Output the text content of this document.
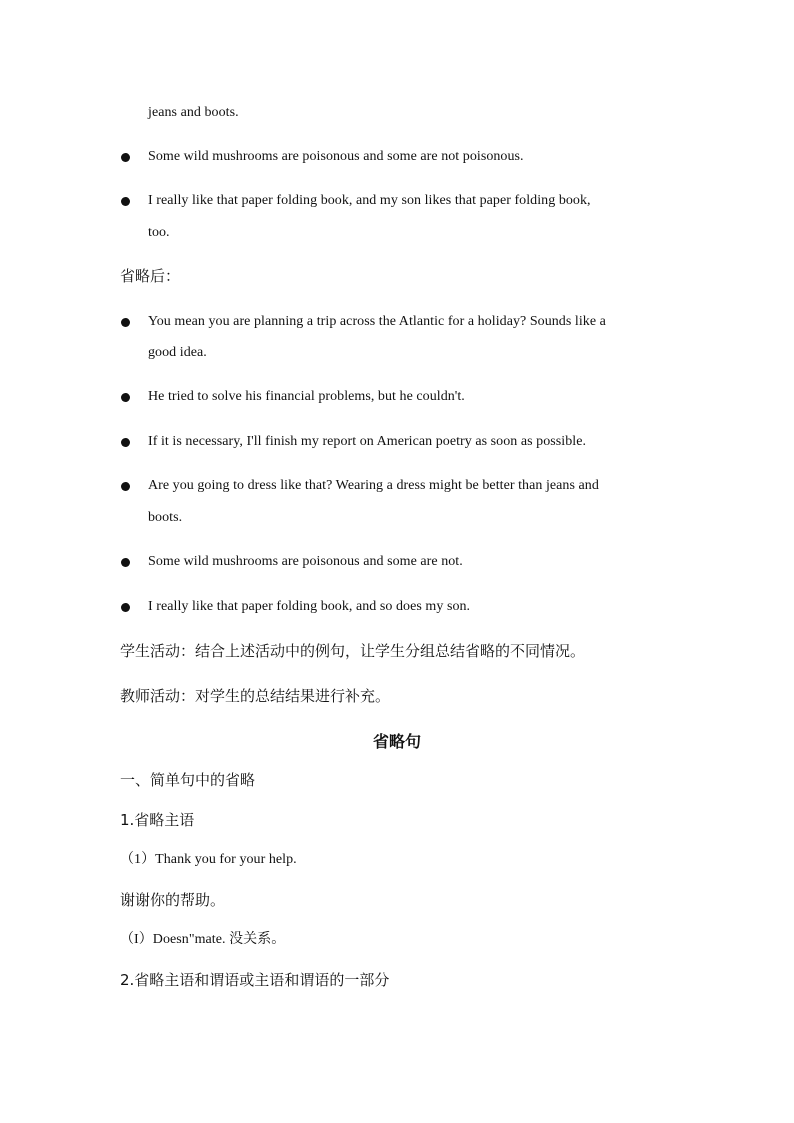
jeans and boots.
Some wild mushrooms are poisonous and some are not poisonous.
I really like that paper folding book, and my son likes that paper folding book,
too.
省略后：
You mean you are planning a trip across the Atlantic for a holiday? Sounds like a
good idea.
He tried to solve his financial problems, but he couldn't.
If it is necessary, I'll finish my report on American poetry as soon as possible.
Are you going to dress like that? Wearing a dress might be better than jeans and
boots.
Some wild mushrooms are poisonous and some are not.
I really like that paper folding book, and so does my son.
学生活动：结合上述活动中的例句，让学生分组总结省略的不同情况。
教师活动：对学生的总结结果进行补充。
省略句
一、简单句中的省略
1.省略主语
（1）Thank you for your help.
谢谢你的帮助。
（I）Doesn"mate. 没关系。
2.省略主语和谓语或主语和谓语的一部分
